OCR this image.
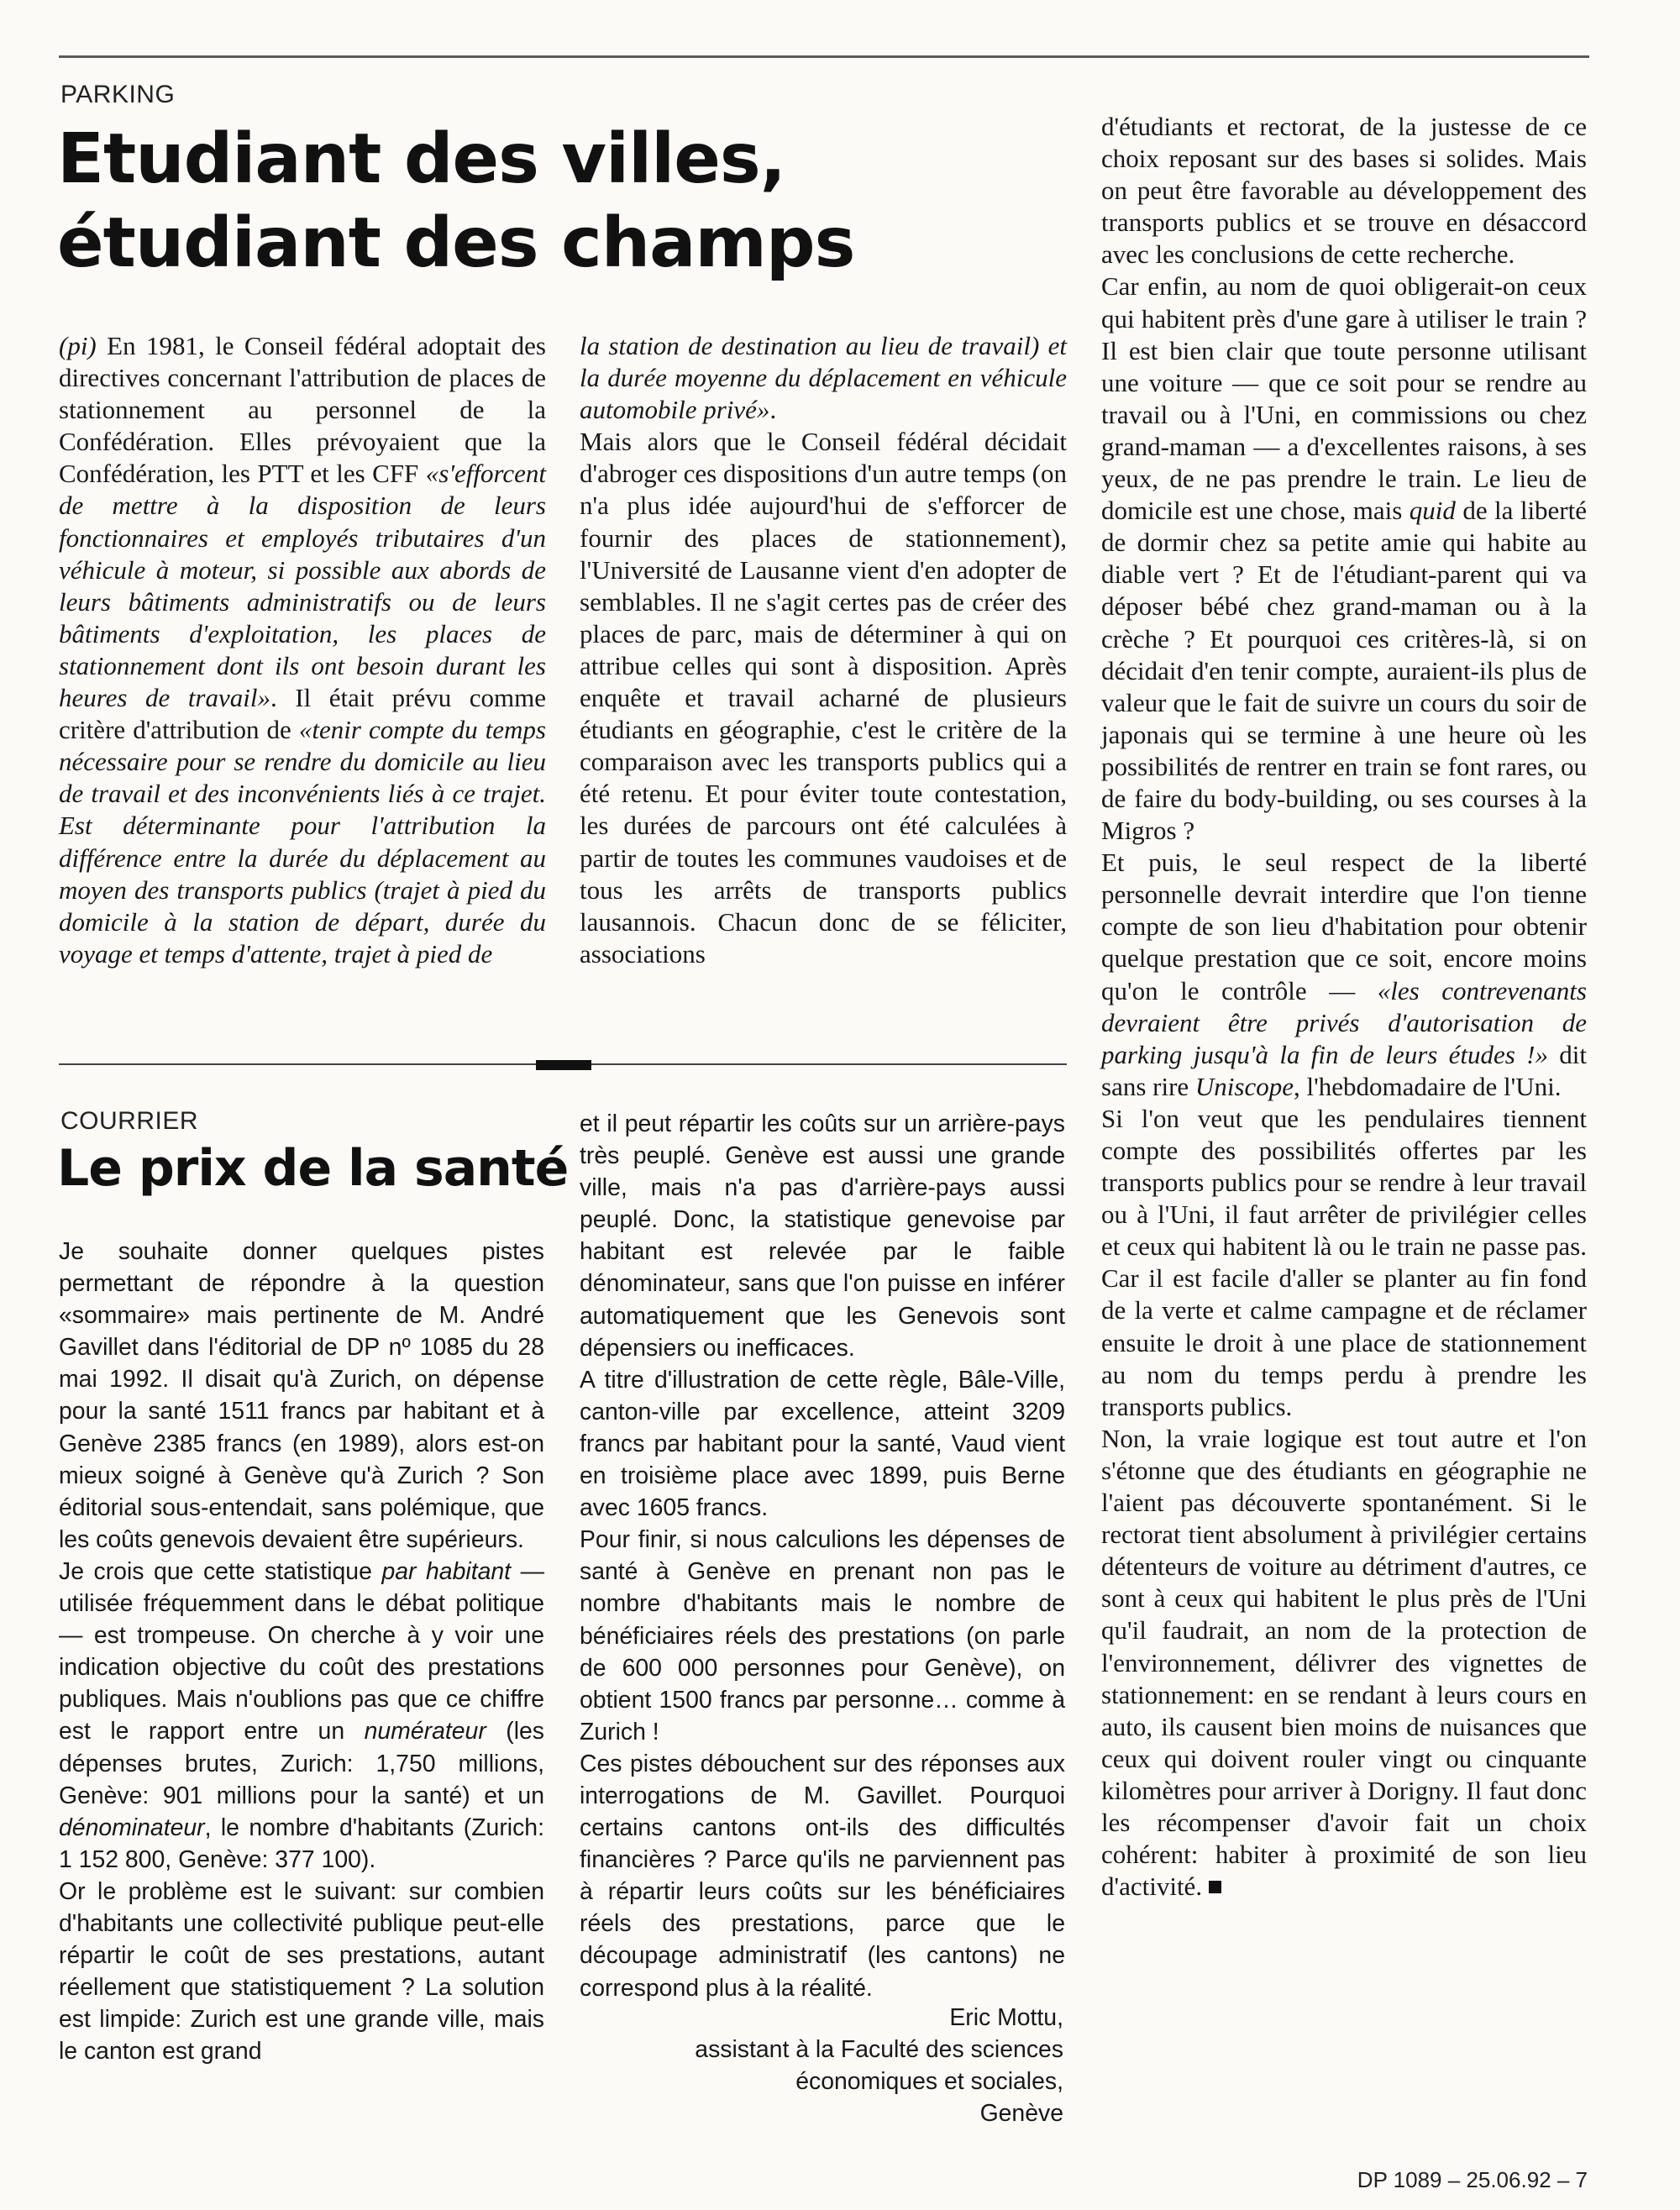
PARKING
Etudiant des villes, étudiant des champs

(pi) En 1981, le Conseil fédéral adoptait des directives concernant l'attribution de places de stationnement au personnel de la Confédération. Elles prévoyaient que la Confédération, les PTT et les CFF «s'efforcent de mettre à la disposition de leurs fonctionnaires et employés tributaires d'un véhicule à moteur, si possible aux abords de leurs bâtiments administratifs ou de leurs bâtiments d'exploitation, les places de stationnement dont ils ont besoin durant les heures de travail». Il était prévu comme critère d'attribution de «tenir compte du temps nécessaire pour se rendre du domicile au lieu de travail et des inconvénients liés à ce trajet. Est déterminante pour l'attribution la différence entre la durée du déplacement au moyen des transports publics (trajet à pied du domicile à la station de départ, durée du voyage et temps d'attente, trajet à pied de

la station de destination au lieu de travail) et la durée moyenne du déplacement en véhicule automobile privé».

Mais alors que le Conseil fédéral décidait d'abroger ces dispositions d'un autre temps (on n'a plus idée aujourd'hui de s'efforcer de fournir des places de stationnement), l'Université de Lausanne vient d'en adopter de semblables. Il ne s'agit certes pas de créer des places de parc, mais de déterminer à qui on attribue celles qui sont à disposition. Après enquête et travail acharné de plusieurs étudiants en géographie, c'est le critère de la comparaison avec les transports publics qui a été retenu. Et pour éviter toute contestation, les durées de parcours ont été calculées à partir de toutes les communes vaudoises et de tous les arrêts de transports publics lausannois. Chacun donc de se féliciter, associations

d'étudiants et rectorat, de la justesse de ce choix reposant sur des bases si solides. Mais on peut être favorable au développement des transports publics et se trouve en désaccord avec les conclusions de cette recherche.

Car enfin, au nom de quoi obligerait-on ceux qui habitent près d'une gare à utiliser le train ? Il est bien clair que toute personne utilisant une voiture — que ce soit pour se rendre au travail ou à l'Uni, en commissions ou chez grand-maman — a d'excellentes raisons, à ses yeux, de ne pas prendre le train. Le lieu de domicile est une chose, mais quid de la liberté de dormir chez sa petite amie qui habite au diable vert ? Et de l'étudiant-parent qui va déposer bébé chez grand-maman ou à la crèche ? Et pourquoi ces critères-là, si on décidait d'en tenir compte, auraient-ils plus de valeur que le fait de suivre un cours du soir de japonais qui se termine à une heure où les possibilités de rentrer en train se font rares, ou de faire du body-building, ou ses courses à la Migros ?

Et puis, le seul respect de la liberté personnelle devrait interdire que l'on tienne compte de son lieu d'habitation pour obtenir quelque prestation que ce soit, encore moins qu'on le contrôle — «les contrevenants devraient être privés d'autorisation de parking jusqu'à la fin de leurs études !» dit sans rire Uniscope, l'hebdomadaire de l'Uni.

Si l'on veut que les pendulaires tiennent compte des possibilités offertes par les transports publics pour se rendre à leur travail ou à l'Uni, il faut arrêter de privilégier celles et ceux qui habitent là ou le train ne passe pas. Car il est facile d'aller se planter au fin fond de la verte et calme campagne et de réclamer ensuite le droit à une place de stationnement au nom du temps perdu à prendre les transports publics.

Non, la vraie logique est tout autre et l'on s'étonne que des étudiants en géographie ne l'aient pas découverte spontanément. Si le rectorat tient absolument à privilégier certains détenteurs de voiture au détriment d'autres, ce sont à ceux qui habitent le plus près de l'Uni qu'il faudrait, an nom de la protection de l'environnement, délivrer des vignettes de stationnement: en se rendant à leurs cours en auto, ils causent bien moins de nuisances que ceux qui doivent rouler vingt ou cinquante kilomètres pour arriver à Dorigny. Il faut donc les récompenser d'avoir fait un choix cohérent: habiter à proximité de son lieu d'activité.

COURRIER
Le prix de la santé

Je souhaite donner quelques pistes permettant de répondre à la question «sommaire» mais pertinente de M. André Gavillet dans l'éditorial de DP nº 1085 du 28 mai 1992. Il disait qu'à Zurich, on dépense pour la santé 1511 francs par habitant et à Genève 2385 francs (en 1989), alors est-on mieux soigné à Genève qu'à Zurich ? Son éditorial sous-entendait, sans polémique, que les coûts genevois devaient être supérieurs.

Je crois que cette statistique par habitant — utilisée fréquemment dans le débat politique — est trompeuse. On cherche à y voir une indication objective du coût des prestations publiques. Mais n'oublions pas que ce chiffre est le rapport entre un numérateur (les dépenses brutes, Zurich: 1,750 millions, Genève: 901 millions pour la santé) et un dénominateur, le nombre d'habitants (Zurich: 1 152 800, Genève: 377 100).

Or le problème est le suivant: sur combien d'habitants une collectivité publique peut-elle répartir le coût de ses prestations, autant réellement que statistiquement ? La solution est limpide: Zurich est une grande ville, mais le canton est grand

et il peut répartir les coûts sur un arrière-pays très peuplé. Genève est aussi une grande ville, mais n'a pas d'arrière-pays aussi peuplé. Donc, la statistique genevoise par habitant est relevée par le faible dénominateur, sans que l'on puisse en inférer automatiquement que les Genevois sont dépensiers ou inefficaces.

A titre d'illustration de cette règle, Bâle-Ville, canton-ville par excellence, atteint 3209 francs par habitant pour la santé, Vaud vient en troisième place avec 1899, puis Berne avec 1605 francs.

Pour finir, si nous calculions les dépenses de santé à Genève en prenant non pas le nombre d'habitants mais le nombre de bénéficiaires réels des prestations (on parle de 600 000 personnes pour Genève), on obtient 1500 francs par personne… comme à Zurich !

Ces pistes débouchent sur des réponses aux interrogations de M. Gavillet. Pourquoi certains cantons ont-ils des difficultés financières ? Parce qu'ils ne parviennent pas à répartir leurs coûts sur les bénéficiaires réels des prestations, parce que le découpage administratif (les cantons) ne correspond plus à la réalité.

Eric Mottu,
assistant à la Faculté des sciences
économiques et sociales,
Genève
DP 1089 – 25.06.92 – 7
